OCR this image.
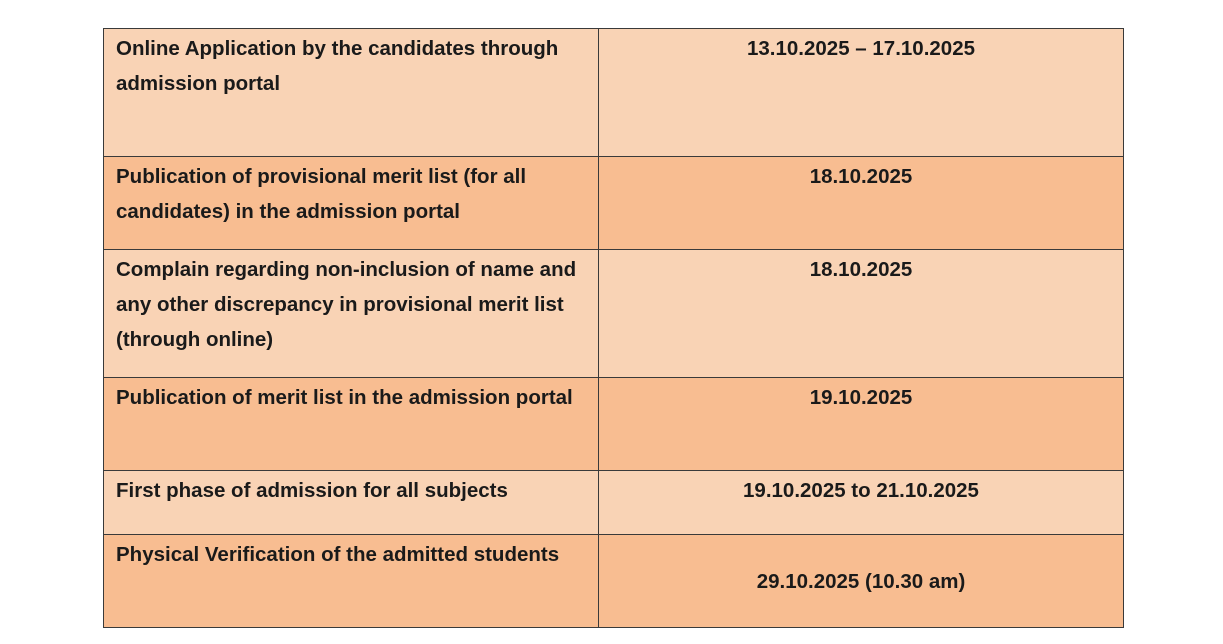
Online Application by the candidates through admission portal	13.10.2025 – 17.10.2025
Publication of provisional merit list (for all candidates) in the admission portal	18.10.2025
Complain regarding non-inclusion of name and any other discrepancy in provisional merit list (through online)	18.10.2025
Publication of merit list in the admission portal	19.10.2025
First phase of admission for all subjects	19.10.2025 to 21.10.2025
Physical Verification of the admitted students	29.10.2025 (10.30 am)
